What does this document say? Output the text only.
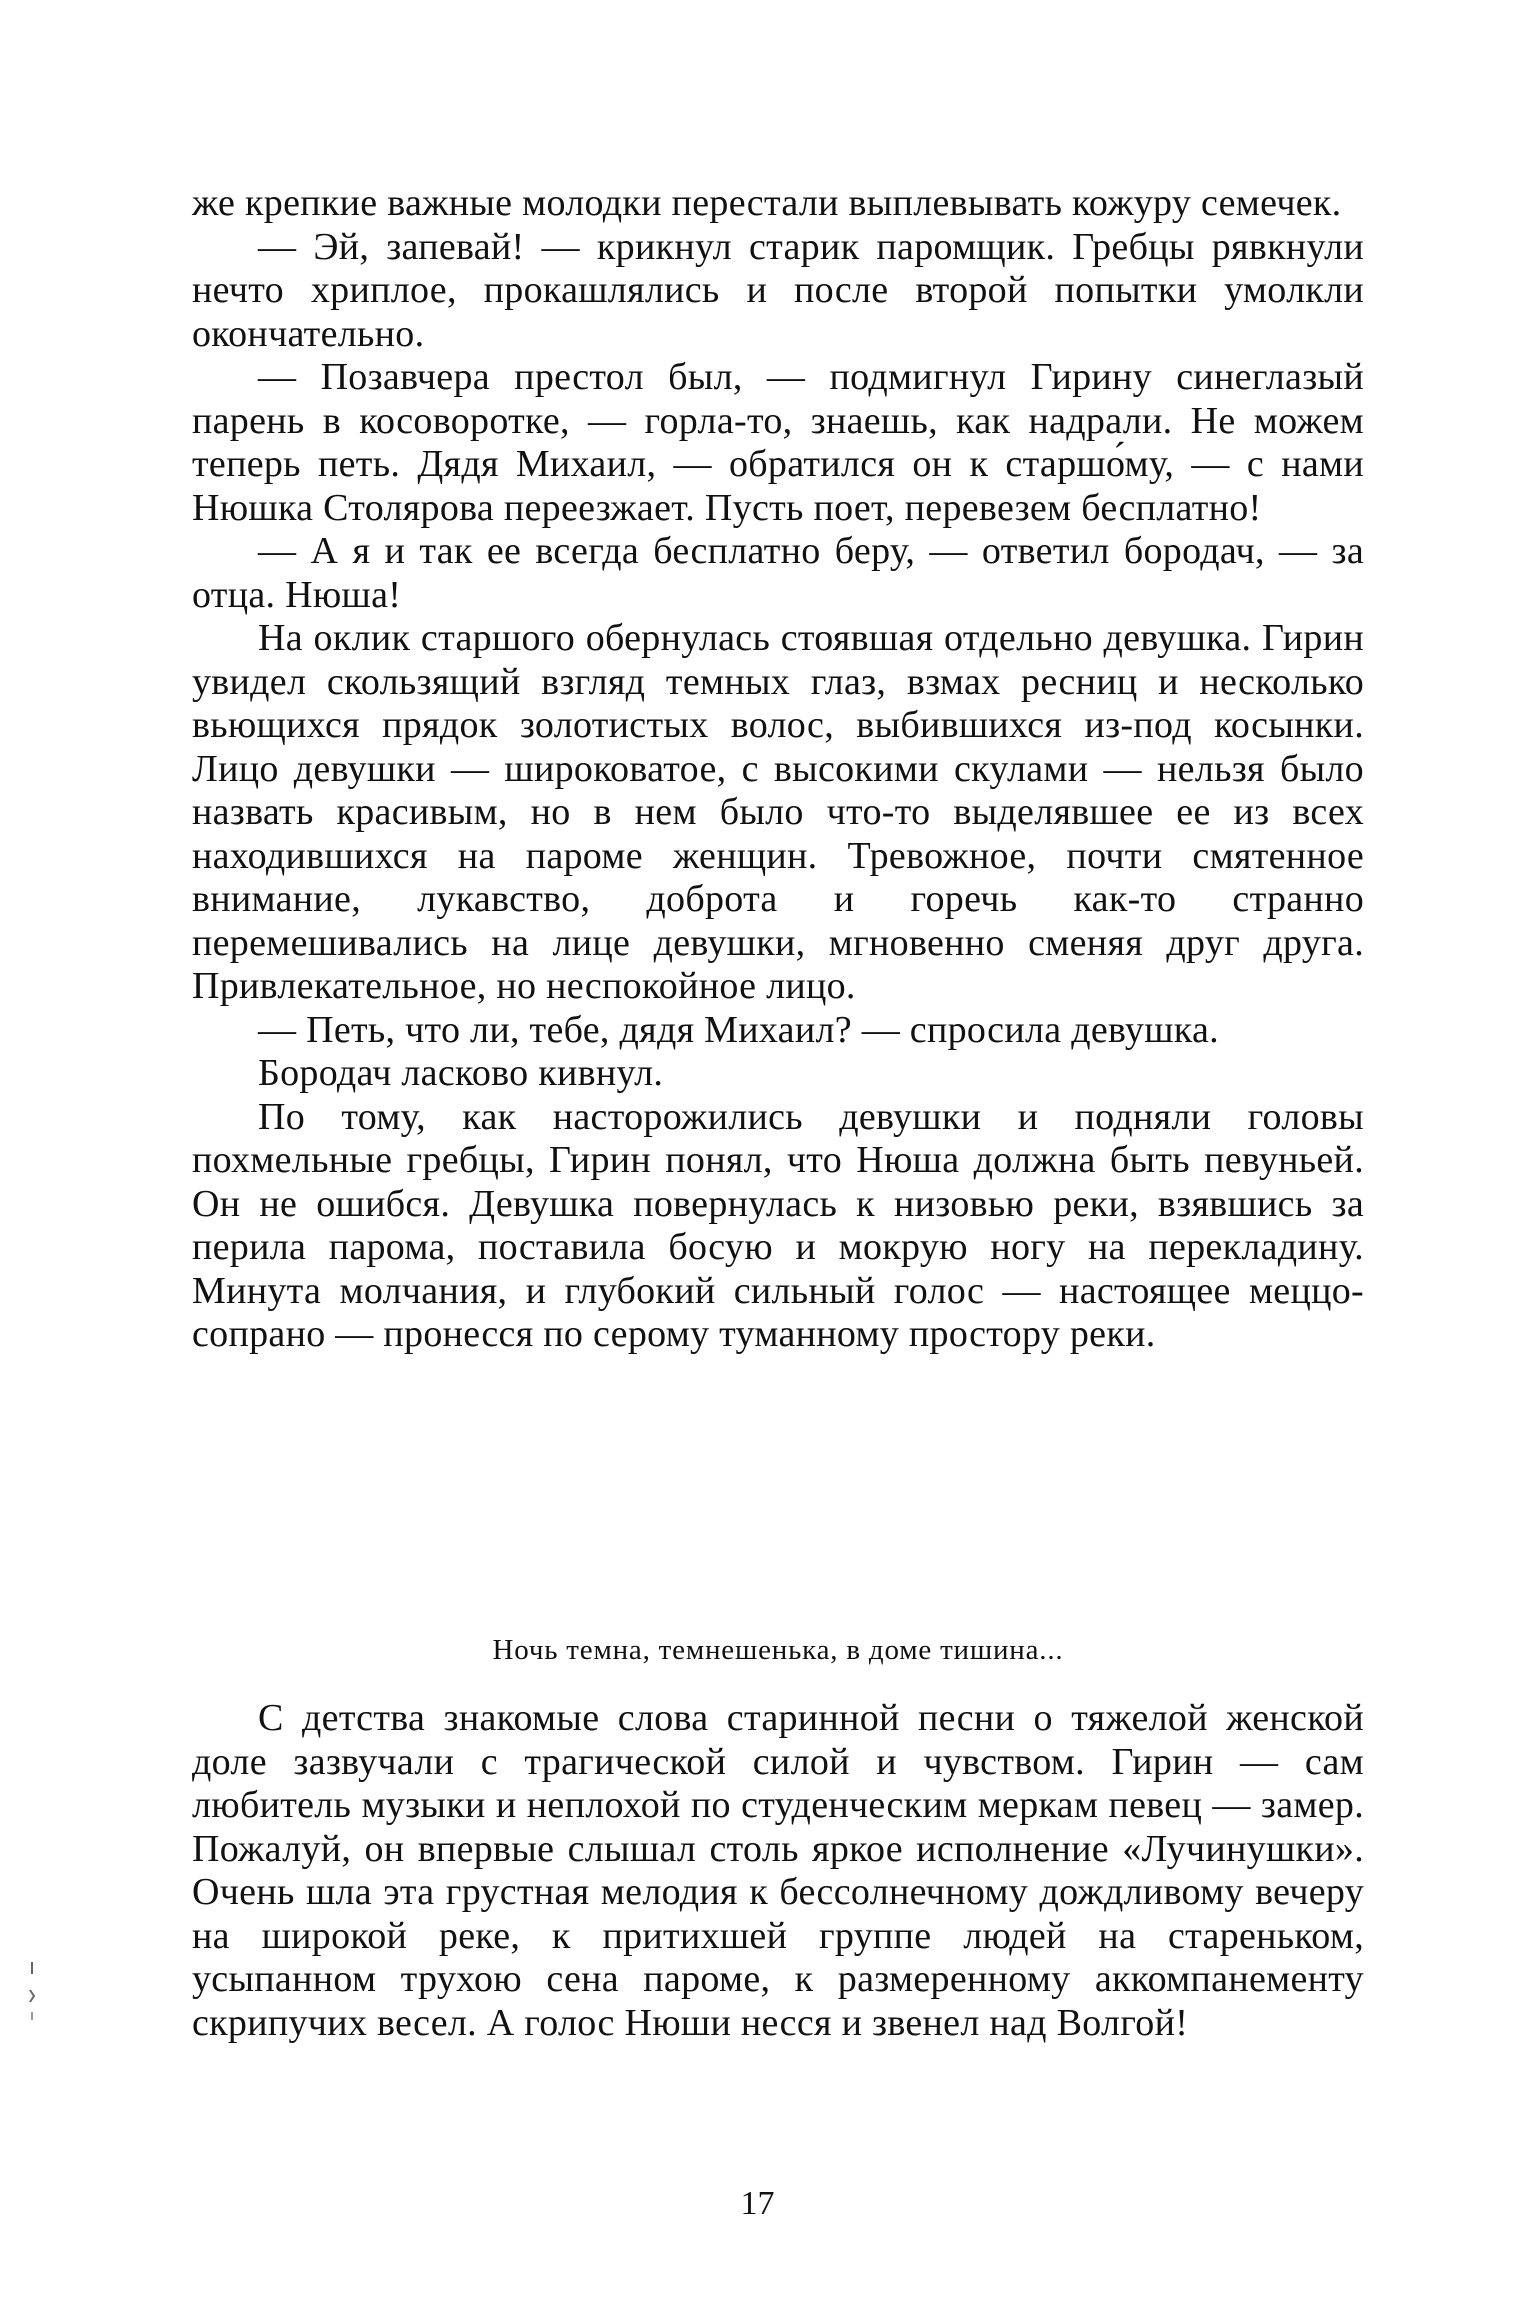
же крепкие важные молодки перестали выплевывать кожуру семечек.

— Эй, запевай! — крикнул старик паромщик. Гребцы рявкнули нечто хриплое, прокашлялись и после второй попытки умолкли окончательно.

— Позавчера престол был, — подмигнул Гирину синеглазый парень в косоворотке, — горла-то, знаешь, как надрали. Не можем теперь петь. Дядя Михаил, — обратился он к старшо́му, — с нами Нюшка Столярова переезжает. Пусть поет, перевезем бесплатно!

— А я и так ее всегда бесплатно беру, — ответил бородач, — за отца. Нюша!

На оклик старшого обернулась стоявшая отдельно девушка. Гирин увидел скользящий взгляд темных глаз, взмах ресниц и несколько вьющихся прядок золотистых волос, выбившихся из-под косынки. Лицо девушки — широковатое, с высокими скулами — нельзя было назвать красивым, но в нем было что-то выделявшее ее из всех находившихся на пароме женщин. Тревожное, почти смятенное внимание, лукавство, доброта и горечь как-то странно перемешивались на лице девушки, мгновенно сменяя друг друга. Привлекательное, но неспокойное лицо.

— Петь, что ли, тебе, дядя Михаил? — спросила девушка.

Бородач ласково кивнул.

По тому, как насторожились девушки и подняли головы похмельные гребцы, Гирин понял, что Нюша должна быть певуньей. Он не ошибся. Девушка повернулась к низовью реки, взявшись за перила парома, поставила босую и мокрую ногу на перекладину. Минута молчания, и глубокий сильный голос — настоящее меццо-сопрано — пронесся по серому туманному простору реки.

Ночь темна, темнешенька, в доме тишина...

С детства знакомые слова старинной песни о тяжелой женской доле зазвучали с трагической силой и чувством. Гирин — сам любитель музыки и неплохой по студенческим меркам певец — замер. Пожалуй, он впервые слышал столь яркое исполнение «Лучинушки». Очень шла эта грустная мелодия к бессолнечному дождливому вечеру на широкой реке, к притихшей группе людей на стареньком, усыпанном трухою сена пароме, к размеренному аккомпанементу скрипучих весел. А голос Нюши несся и звенел над Волгой!

17
